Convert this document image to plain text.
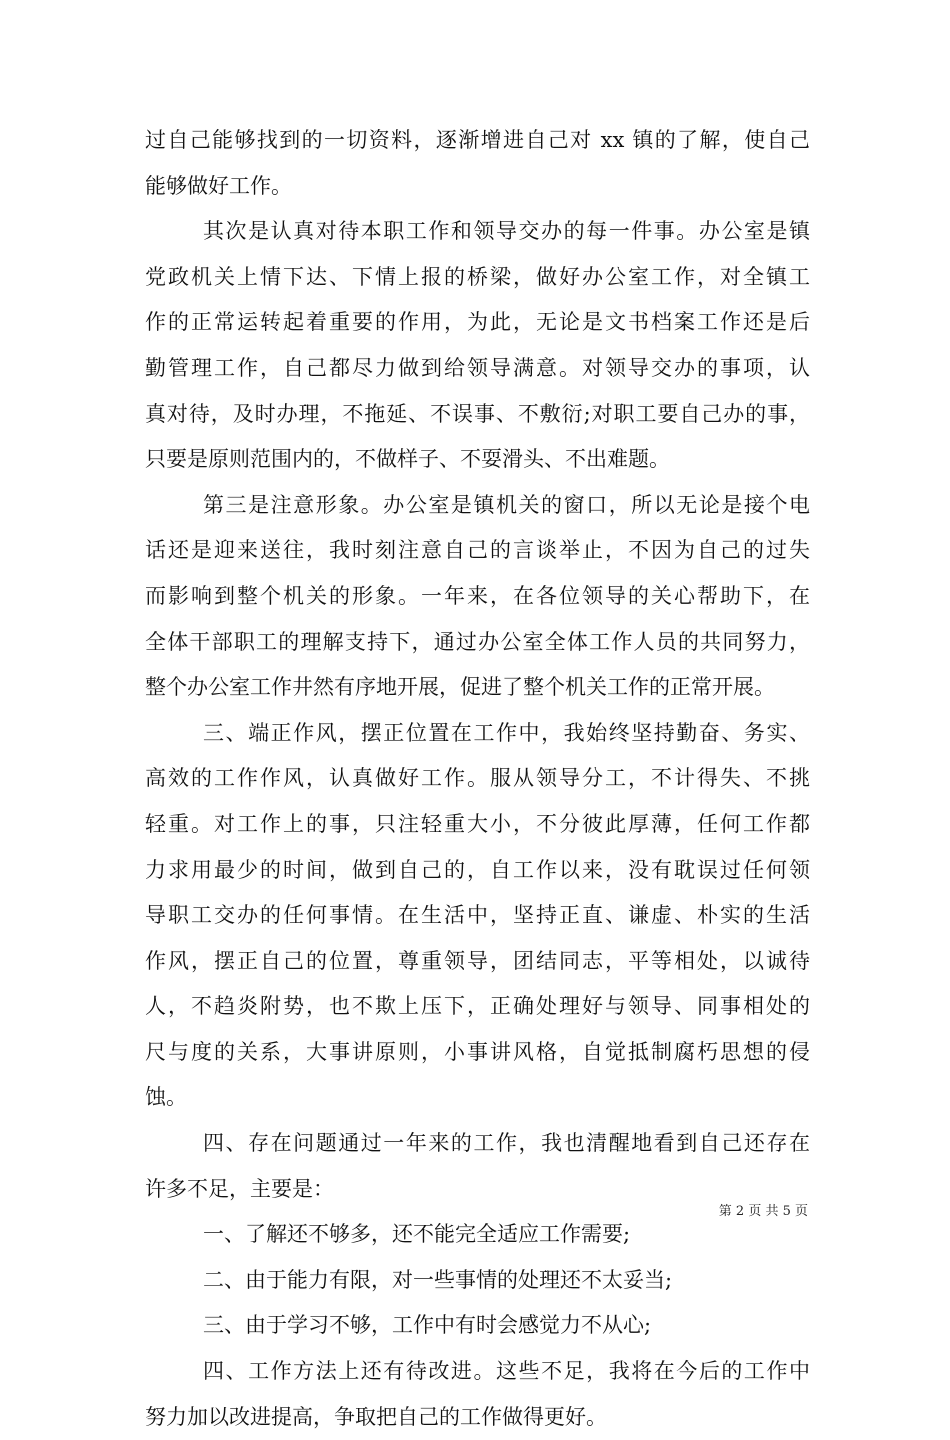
过自己能够找到的一切资料，逐渐增进自己对 xx 镇的了解，使自己
能够做好工作。
其次是认真对待本职工作和领导交办的每一件事。办公室是镇
党政机关上情下达、下情上报的桥梁，做好办公室工作，对全镇工
作的正常运转起着重要的作用，为此，无论是文书档案工作还是后
勤管理工作，自己都尽力做到给领导满意。对领导交办的事项，认
真对待，及时办理，不拖延、不误事、不敷衍;对职工要自己办的事，
只要是原则范围内的，不做样子、不耍滑头、不出难题。
第三是注意形象。办公室是镇机关的窗口，所以无论是接个电
话还是迎来送往，我时刻注意自己的言谈举止，不因为自己的过失
而影响到整个机关的形象。一年来，在各位领导的关心帮助下，在
全体干部职工的理解支持下，通过办公室全体工作人员的共同努力，
整个办公室工作井然有序地开展，促进了整个机关工作的正常开展。
三、端正作风，摆正位置在工作中，我始终坚持勤奋、务实、
高效的工作作风，认真做好工作。服从领导分工，不计得失、不挑
轻重。对工作上的事，只注轻重大小，不分彼此厚薄，任何工作都
力求用最少的时间，做到自己的，自工作以来，没有耽误过任何领
导职工交办的任何事情。在生活中，坚持正直、谦虚、朴实的生活
作风，摆正自己的位置，尊重领导，团结同志，平等相处，以诚待
人，不趋炎附势，也不欺上压下，正确处理好与领导、同事相处的
尺与度的关系，大事讲原则，小事讲风格，自觉抵制腐朽思想的侵
蚀。
四、存在问题通过一年来的工作，我也清醒地看到自己还存在
许多不足，主要是：
一、了解还不够多，还不能完全适应工作需要;
二、由于能力有限，对一些事情的处理还不太妥当;
三、由于学习不够，工作中有时会感觉力不从心;
四、工作方法上还有待改进。这些不足，我将在今后的工作中
努力加以改进提高，争取把自己的工作做得更好。
第 2 页 共 5 页
